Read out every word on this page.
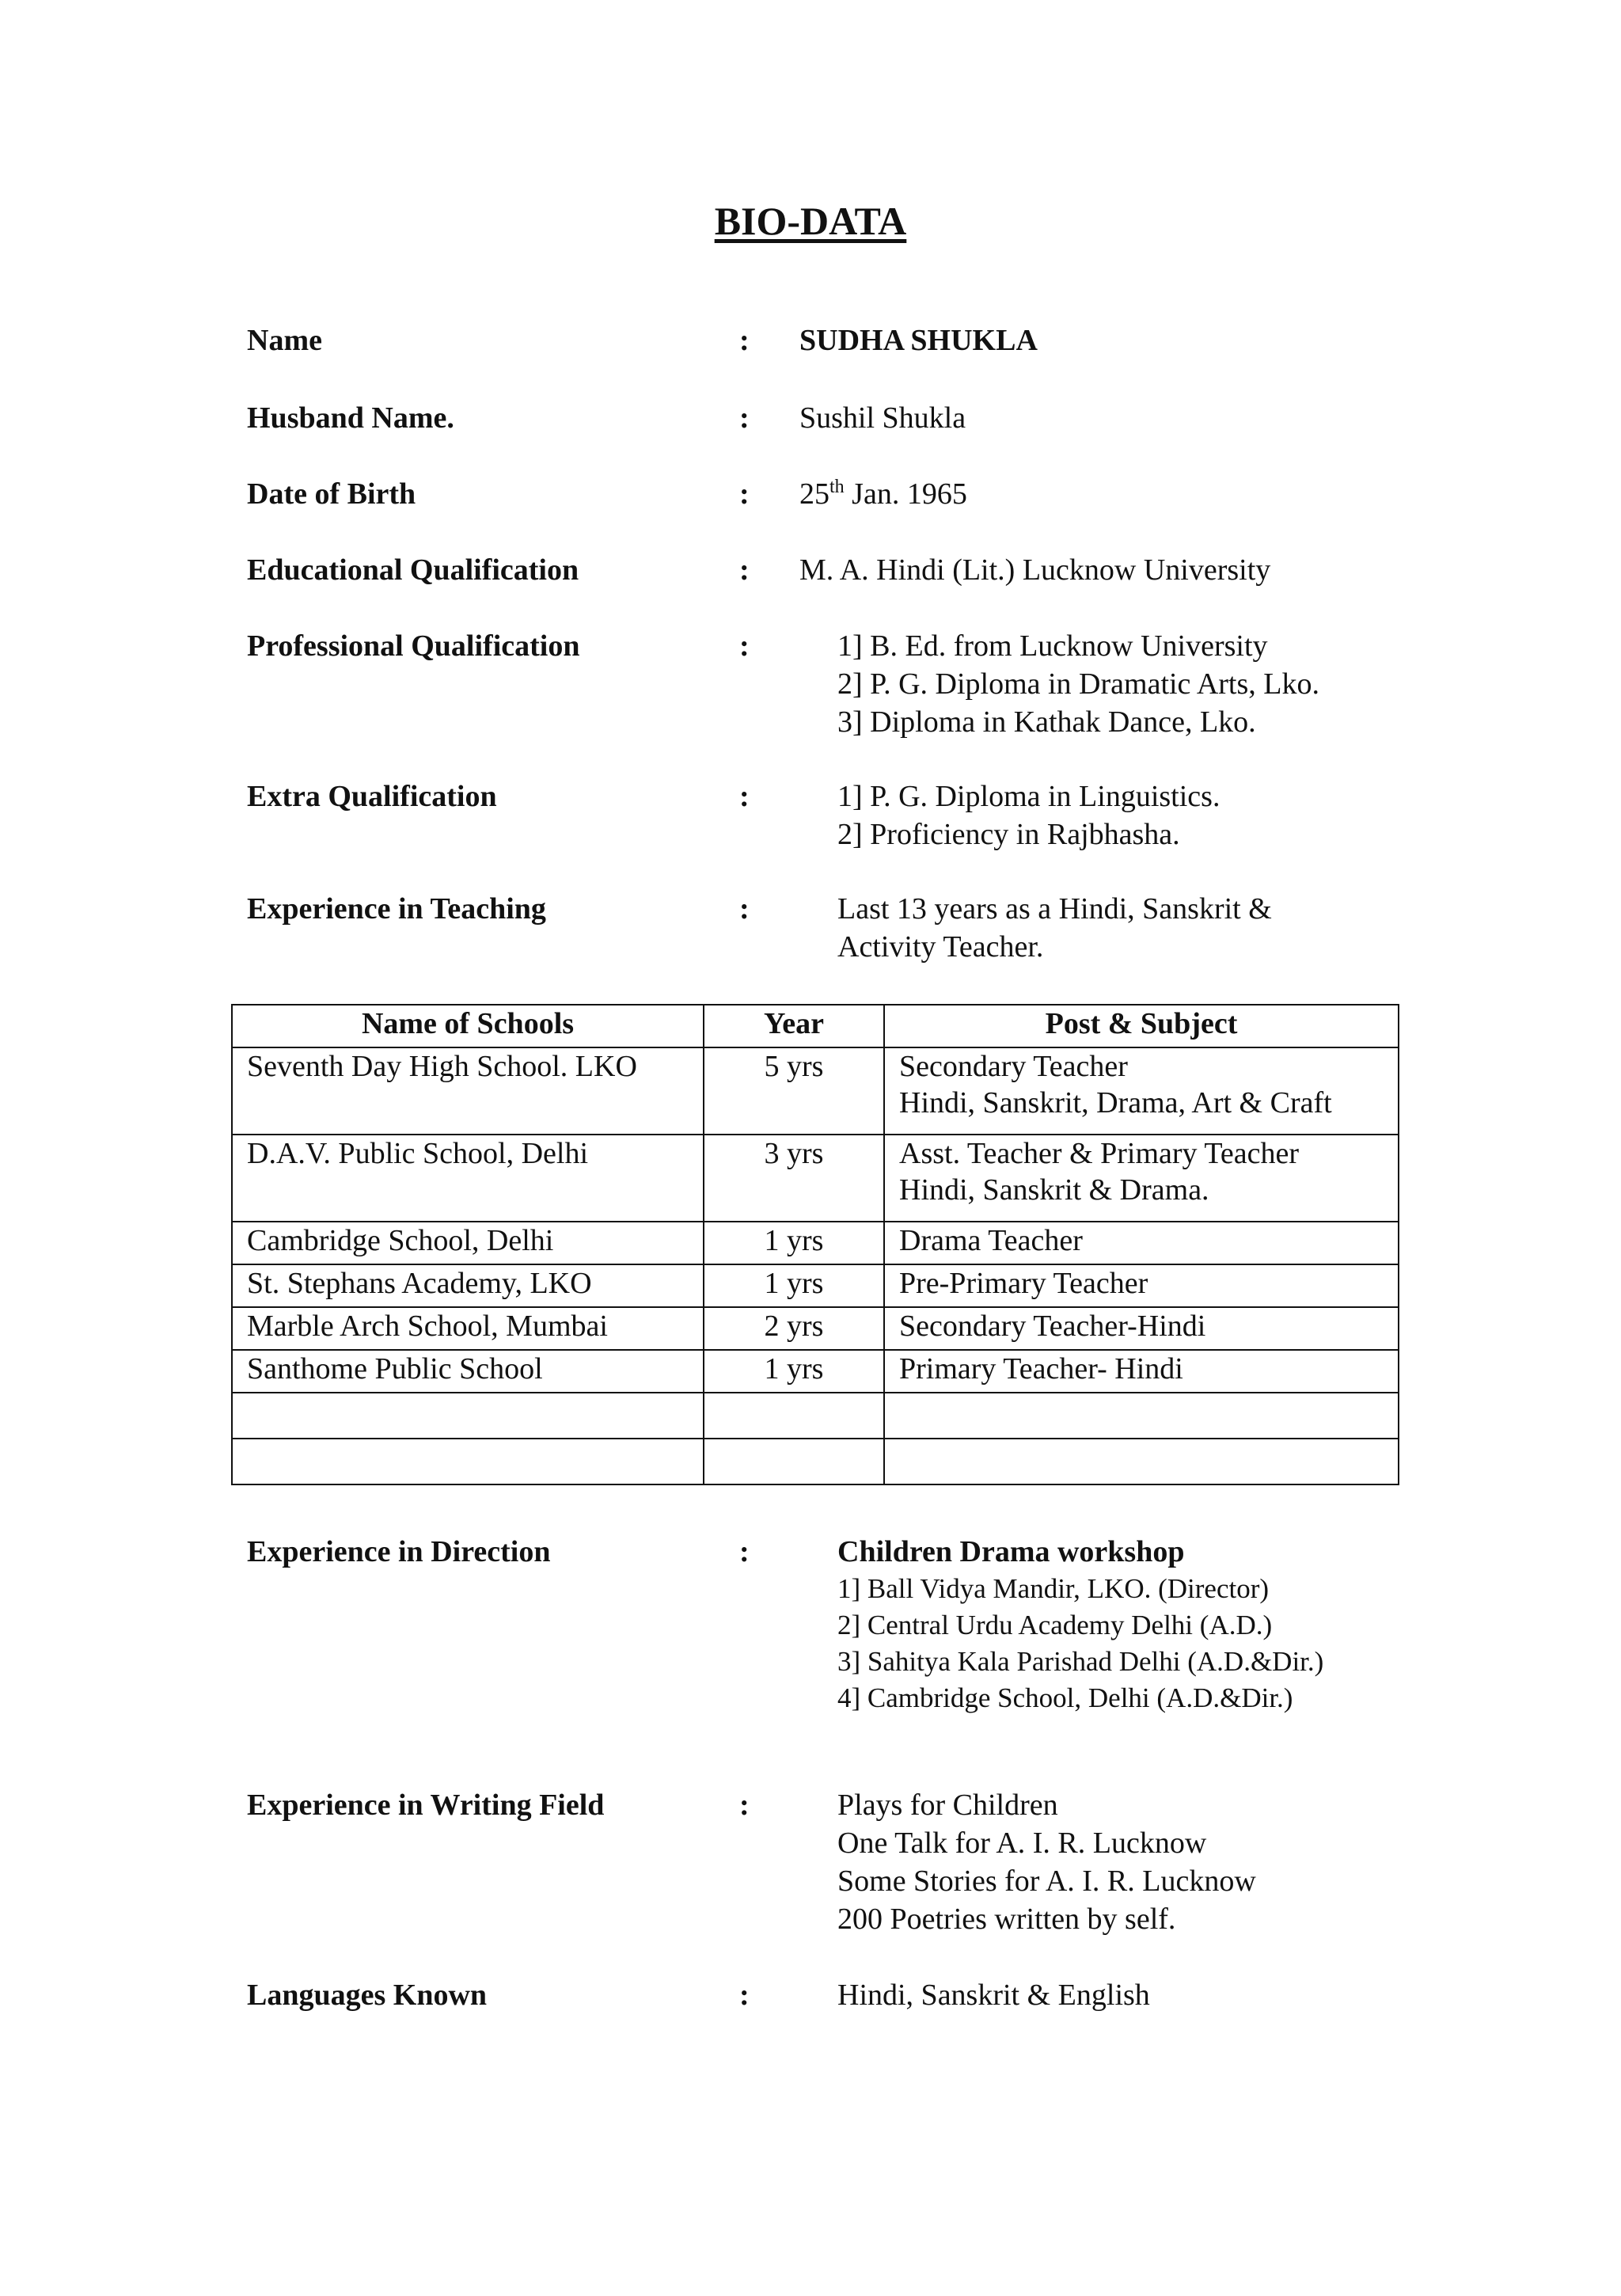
BIO-DATA
Name	: SUDHA SHUKLA
Husband Name.	: Sushil Shukla
Date of Birth	: 25th Jan. 1965
Educational Qualification	: M. A. Hindi (Lit.) Lucknow University
Professional Qualification	:	1] B. Ed. from Lucknow University
2] P. G. Diploma in Dramatic Arts, Lko.
3] Diploma in Kathak Dance, Lko.
Extra Qualification	:	1] P. G. Diploma in Linguistics.
2] Proficiency in Rajbhasha.
Experience in Teaching	:	Last 13 years as a Hindi, Sanskrit &
Activity Teacher.
Name of Schools	Year	Post & Subject
Seventh Day High School. LKO	5 yrs	Secondary Teacher
Hindi, Sanskrit, Drama, Art & Craft

D.A.V. Public School, Delhi	3 yrs	Asst. Teacher & Primary Teacher
Hindi, Sanskrit & Drama.

Cambridge School, Delhi	1 yrs	Drama Teacher
St. Stephans Academy, LKO	1 yrs	Pre-Primary Teacher
Marble Arch School, Mumbai	2 yrs	Secondary Teacher-Hindi
Santhome Public School	1 yrs	Primary Teacher- Hindi

Experience in Direction	:	Children Drama workshop
1] Ball Vidya Mandir, LKO. (Director)
2] Central Urdu Academy Delhi (A.D.)
3] Sahitya Kala Parishad Delhi (A.D.&Dir.)
4] Cambridge School, Delhi (A.D.&Dir.)
Experience in Writing Field	:	Plays for Children
One Talk for A. I. R. Lucknow
Some Stories for A. I. R. Lucknow
200 Poetries written by self.
Languages Known	:	Hindi, Sanskrit & English
